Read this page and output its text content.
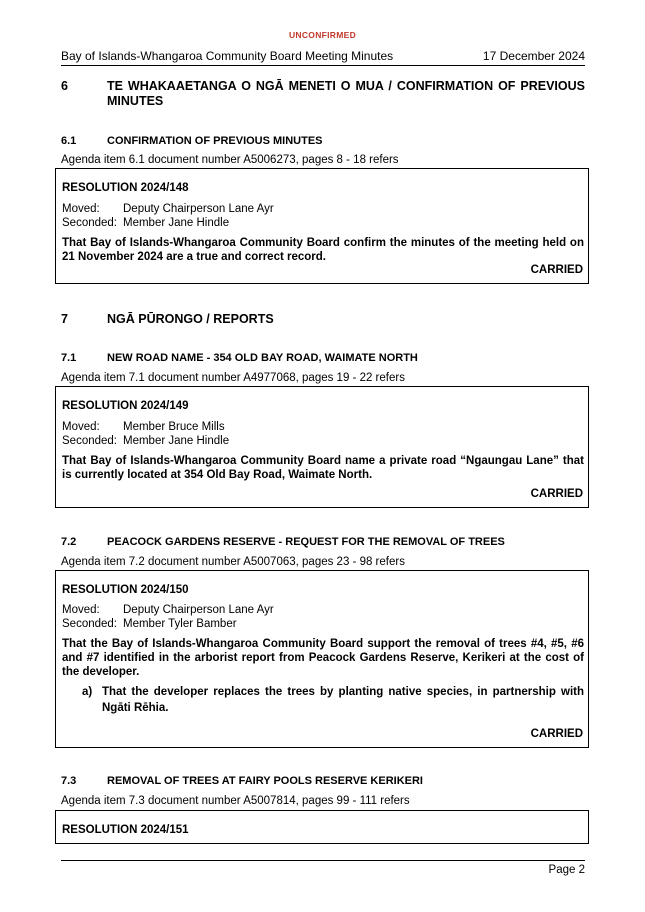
UNCONFIRMED
Bay of Islands-Whangaroa Community Board Meeting Minutes	17 December 2024
6	TE WHAKAAETANGA O NGĀ MENETI O MUA / CONFIRMATION OF PREVIOUS MINUTES
6.1	CONFIRMATION OF PREVIOUS MINUTES
Agenda item 6.1 document number A5006273, pages 8 - 18 refers
RESOLUTION 2024/148
Moved: Deputy Chairperson Lane Ayr
Seconded: Member Jane Hindle
That Bay of Islands-Whangaroa Community Board confirm the minutes of the meeting held on 21 November 2024 are a true and correct record.
CARRIED
7	NGĀ PŪRONGO / REPORTS
7.1	NEW ROAD NAME - 354 OLD BAY ROAD, WAIMATE NORTH
Agenda item 7.1 document number A4977068, pages 19 - 22 refers
RESOLUTION 2024/149
Moved: Member Bruce Mills
Seconded: Member Jane Hindle
That Bay of Islands-Whangaroa Community Board name a private road “Ngaungau Lane” that is currently located at 354 Old Bay Road, Waimate North.
CARRIED
7.2	PEACOCK GARDENS RESERVE - REQUEST FOR THE REMOVAL OF TREES
Agenda item 7.2 document number A5007063, pages 23 - 98 refers
RESOLUTION 2024/150
Moved: Deputy Chairperson Lane Ayr
Seconded: Member Tyler Bamber
That the Bay of Islands-Whangaroa Community Board support the removal of trees #4, #5, #6 and #7 identified in the arborist report from Peacock Gardens Reserve, Kerikeri at the cost of the developer.
a) That the developer replaces the trees by planting native species, in partnership with Ngāti Rēhia.
CARRIED
7.3	REMOVAL OF TREES AT FAIRY POOLS RESERVE KERIKERI
Agenda item 7.3 document number A5007814, pages 99 - 111 refers
RESOLUTION 2024/151
Page 2
